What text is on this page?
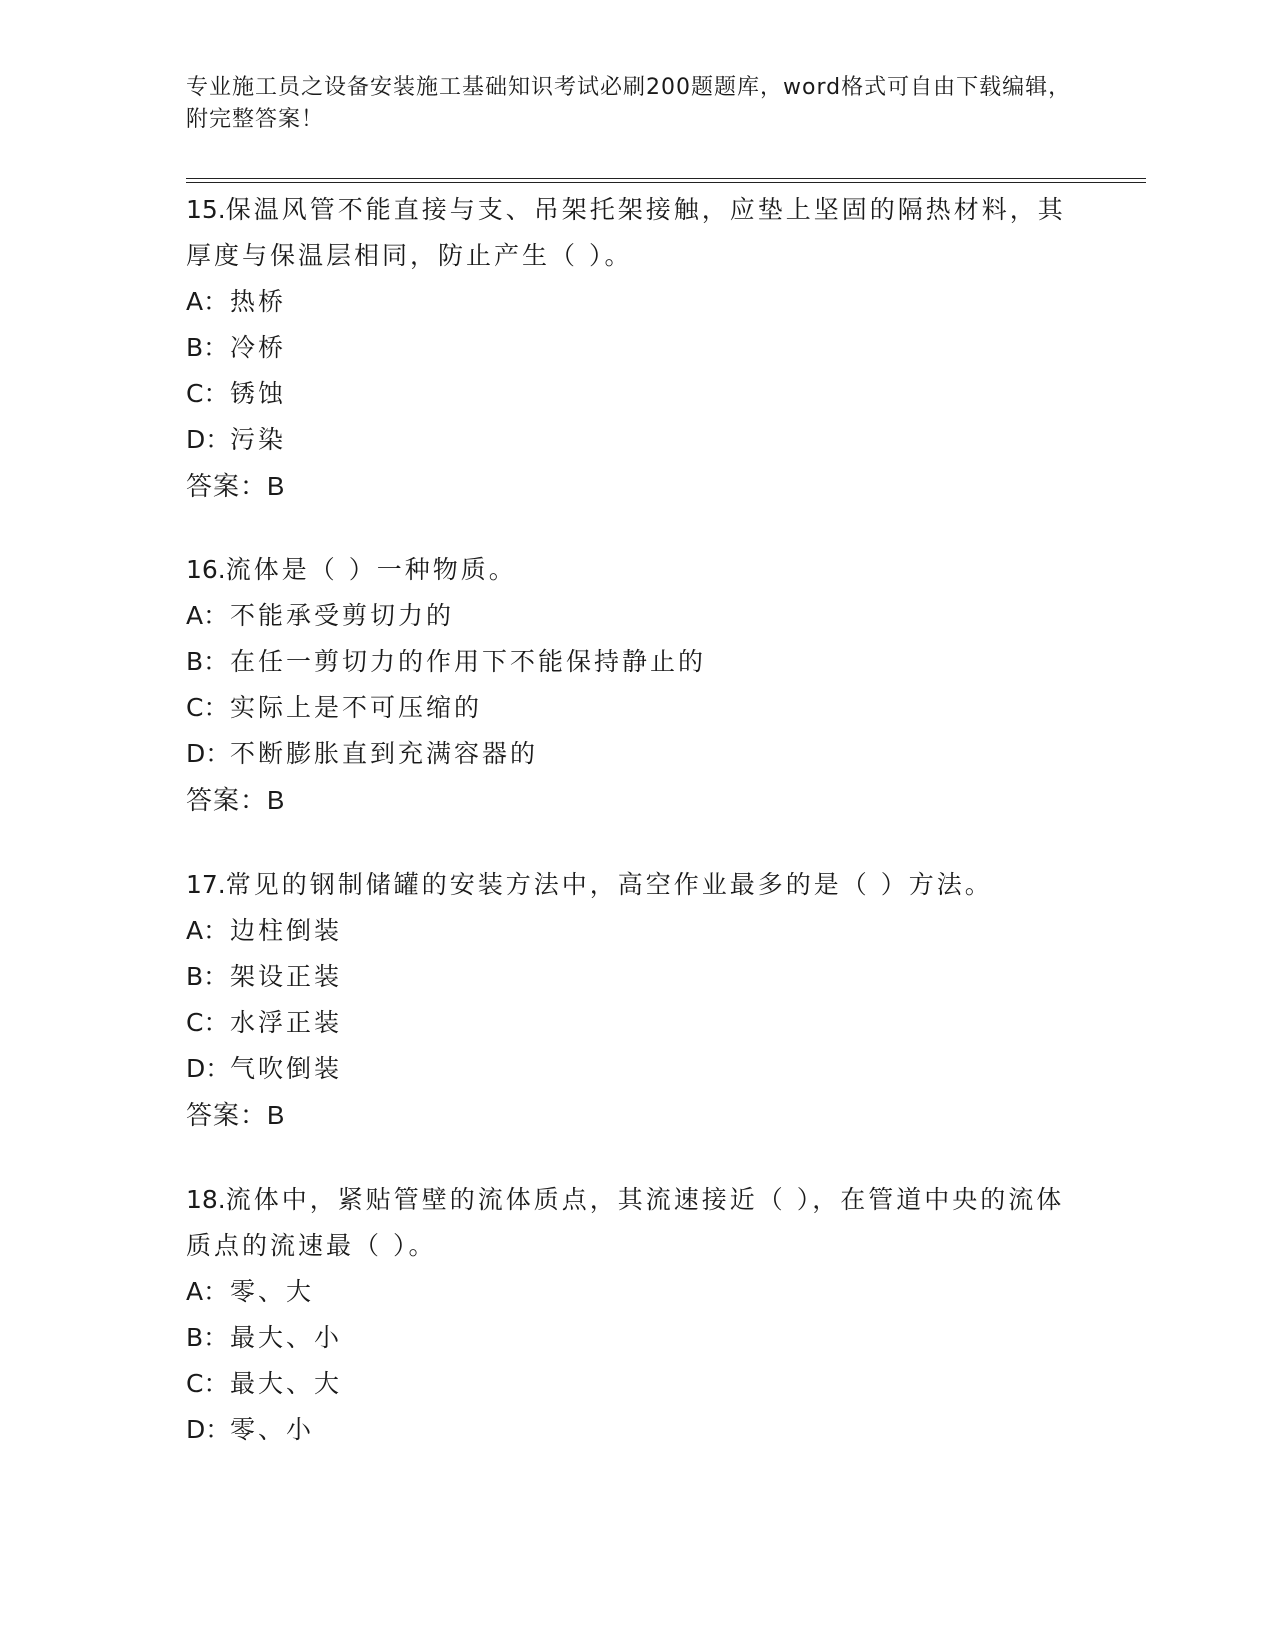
专业施工员之设备安装施工基础知识考试必刷200题题库，word格式可自由下载编辑，附完整答案！

15.保温风管不能直接与支、吊架托架接触，应垫上坚固的隔热材料，其厚度与保温层相同，防止产生（ ）。

A：热桥

B：冷桥

C：锈蚀

D：污染

答案：B

16.流体是（ ）一种物质。

A：不能承受剪切力的

B：在任一剪切力的作用下不能保持静止的

C：实际上是不可压缩的

D：不断膨胀直到充满容器的

答案：B

17.常见的钢制储罐的安装方法中，高空作业最多的是（ ）方法。

A：边柱倒装

B：架设正装

C：水浮正装

D：气吹倒装

答案：B

18.流体中，紧贴管壁的流体质点，其流速接近（ ），在管道中央的流体质点的流速最（ ）。

A：零、大

B：最大、小

C：最大、大

D：零、小
